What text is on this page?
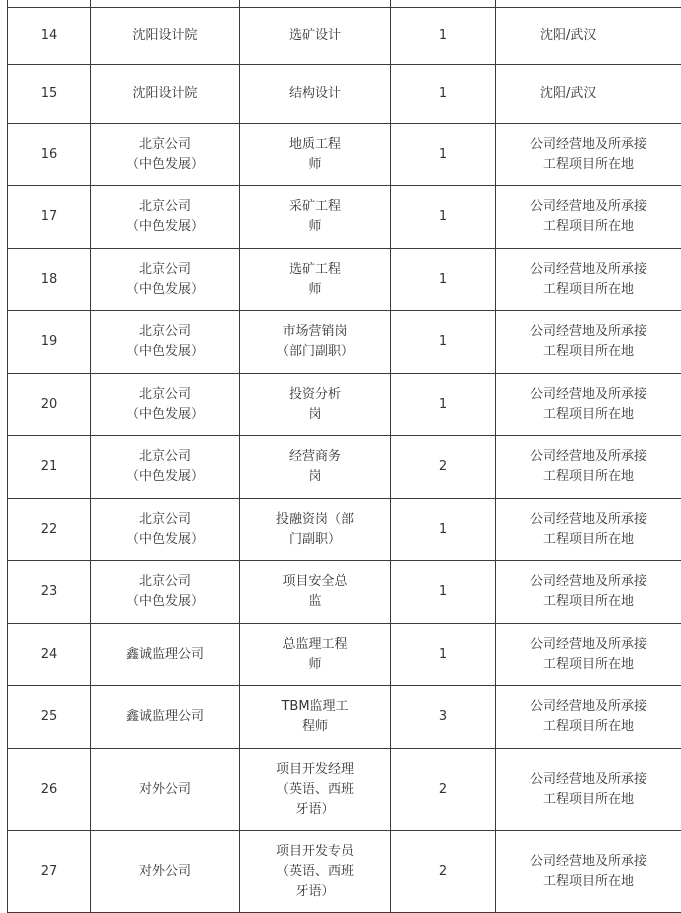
14	沈阳设计院	选矿设计	1	沈阳/武汉

15	沈阳设计院	结构设计	1	沈阳/武汉

16	北京公司
（中色发展）	地质工程
师	1	公司经营地及所承接
工程项目所在地

17	北京公司
（中色发展）	采矿工程
师	1	公司经营地及所承接
工程项目所在地

18	北京公司
（中色发展）	选矿工程
师	1	公司经营地及所承接
工程项目所在地

19	北京公司
（中色发展）	市场营销岗
（部门副职）	1	公司经营地及所承接
工程项目所在地

20	北京公司
（中色发展）	投资分析
岗	1	公司经营地及所承接
工程项目所在地

21	北京公司
（中色发展）	经营商务
岗	2	公司经营地及所承接
工程项目所在地

22	北京公司
（中色发展）	投融资岗（部
门副职）	1	公司经营地及所承接
工程项目所在地

23	北京公司
（中色发展）	项目安全总
监	1	公司经营地及所承接
工程项目所在地

24	鑫诚监理公司	总监理工程
师	1	公司经营地及所承接
工程项目所在地

25	鑫诚监理公司	TBM监理工
程师	3	公司经营地及所承接
工程项目所在地

26	对外公司	项目开发经理
（英语、西班
牙语）	2	公司经营地及所承接
工程项目所在地

27	对外公司	项目开发专员
（英语、西班
牙语）	2	公司经营地及所承接
工程项目所在地
